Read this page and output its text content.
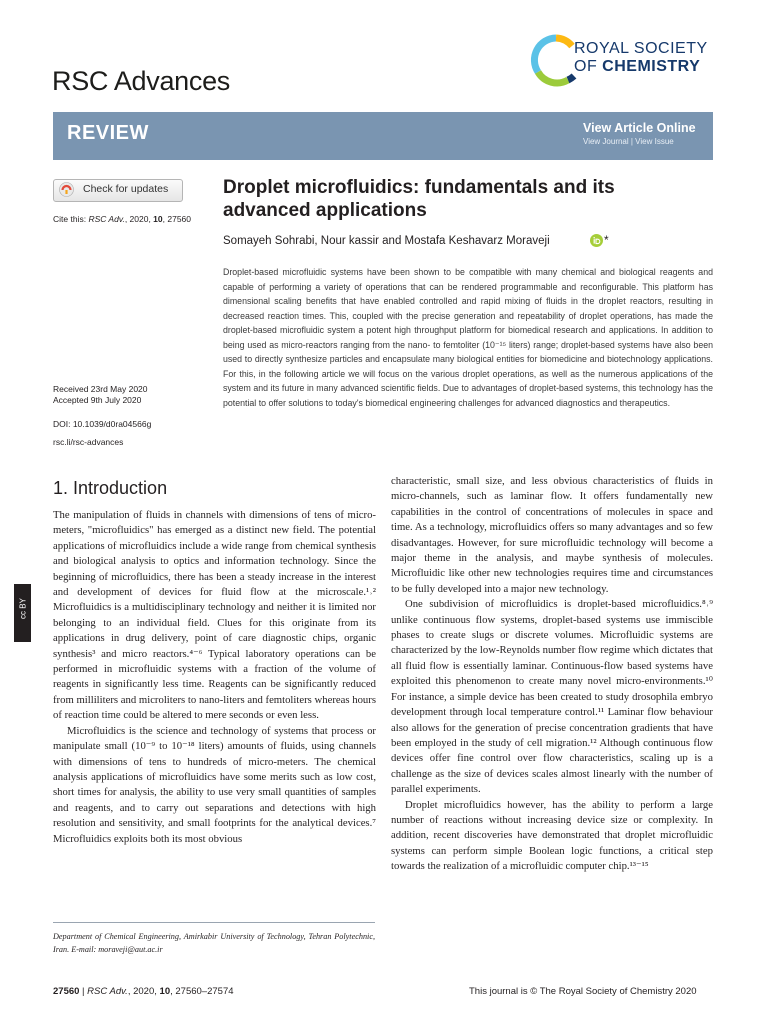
RSC Advances
ROYAL SOCIETY
OF CHEMISTRY
REVIEW	View Article Online
View Journal | View Issue
Check for updates
Cite this: RSC Adv., 2020, 10, 27560
Received 23rd May 2020
Accepted 9th July 2020
DOI: 10.1039/d0ra04566g
rsc.li/rsc-advances
Droplet microfluidics: fundamentals and its advanced applications
Somayeh Sohrabi, Nour kassir and Mostafa Keshavarz Moraveji	*
Droplet-based microfluidic systems have been shown to be compatible with many chemical and biological reagents and capable of performing a variety of operations that can be rendered programmable and reconfigurable. This platform has dimensional scaling benefits that have enabled controlled and rapid mixing of fluids in the droplet reactors, resulting in decreased reaction times. This, coupled with the precise generation and repeatability of droplet operations, has made the droplet-based microfluidic system a potent high throughput platform for biomedical research and applications. In addition to being used as micro-reactors ranging from the nano- to femtoliter (10⁻¹⁵ liters) range; droplet-based systems have also been used to directly synthesize particles and encapsulate many biological entities for biomedicine and biotechnology applications. For this, in the following article we will focus on the various droplet operations, as well as the numerous applications of the system and its future in many advanced scientific fields. Due to advantages of droplet-based systems, this technology has the potential to offer solutions to today's biomedical engineering challenges for advanced diagnostics and therapeutics.
1. Introduction

The manipulation of fluids in channels with dimensions of tens of micro-meters, "microfluidics" has emerged as a distinct new field. The potential applications of microfluidics include a wide range from chemical synthesis and biological analysis to optics and information technology. Since the beginning of microfluidics, there has been a steady increase in the interest and development of devices for fluid flow at the microscale.¹˒² Microfluidics is a multidisciplinary technology and neither it is limited nor belonging to an individual field. Clues for this originate from its applications in drug delivery, point of care diagnostic chips, organic synthesis³ and micro reactors.⁴⁻⁶ Typical laboratory operations can be performed in microfluidic systems with a fraction of the volume of reagents in significantly less time. Reagents can be significantly reduced from milliliters and microliters to nano-liters and femtoliters whereas hours of reaction time could be altered to mere seconds or even less.

Microfluidics is the science and technology of systems that process or manipulate small (10⁻⁹ to 10⁻¹⁸ liters) amounts of fluids, using channels with dimensions of tens to hundreds of micro-meters. The chemical analysis applications of microfluidics have some merits such as low cost, short times for analysis, the ability to use very small quantities of samples and reagents, and to carry out separations and detections with high resolution and sensitivity, and small footprints for the analytical devices.⁷ Microfluidics exploits both its most obvious

characteristic, small size, and less obvious characteristics of fluids in micro-channels, such as laminar flow. It offers fundamentally new capabilities in the control of concentrations of molecules in space and time. As a technology, microfluidics offers so many advantages and so few disadvantages. However, for sure microfluidic technology will become a major theme in the analysis, and maybe synthesis of molecules. Microfluidic like other new technologies requires time and circumstances to be fully developed into a major new technology.

One subdivision of microfluidics is droplet-based microfluidics.⁸˒⁹ unlike continuous flow systems, droplet-based systems use immiscible phases to create slugs or discrete volumes. Microfluidic systems are characterized by the low-Reynolds number flow regime which dictates that all fluid flow is essentially laminar. Continuous-flow based systems have exploited this phenomenon to create many novel micro-environments.¹⁰ For instance, a simple device has been created to study drosophila embryo development through local temperature control.¹¹ Laminar flow behaviour also allows for the generation of precise concentration gradients that have been employed in the study of cell migration.¹² Although continuous flow devices offer fine control over flow characteristics, scaling up is a challenge as the size of devices scales almost linearly with the number of parallel experiments.

Droplet microfluidics however, has the ability to perform a large number of reactions without increasing device size or complexity. In addition, recent discoveries have demonstrated that droplet microfluidic systems can perform simple Boolean logic functions, a critical step towards the realization of a microfluidic computer chip.¹³⁻¹⁵

cc BY
Department of Chemical Engineering, Amirkabir University of Technology, Tehran Polytechnic, Iran. E-mail: moraveji@aut.ac.ir
27560 | RSC Adv., 2020, 10, 27560–27574	This journal is © The Royal Society of Chemistry 2020
